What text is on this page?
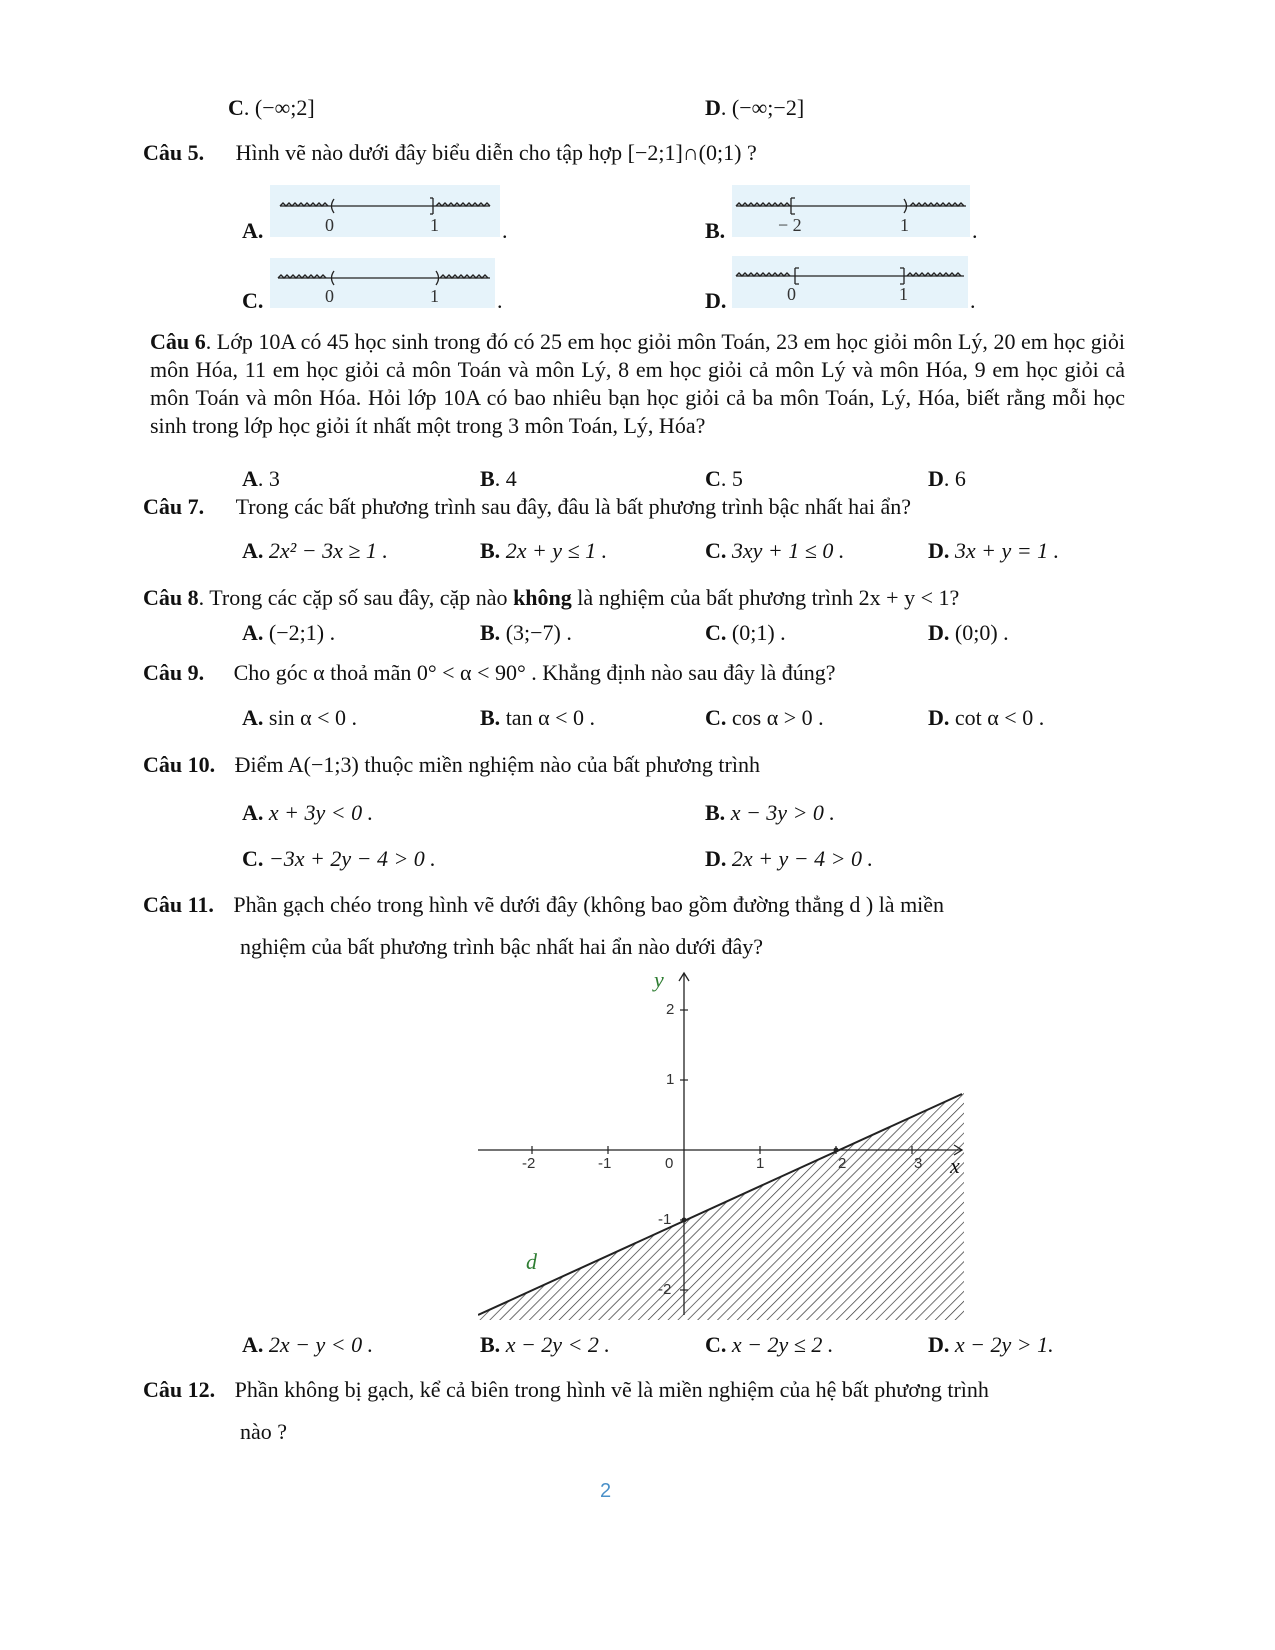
C. (−∞;2]	D. (−∞;−2]
Câu 5. Hình vẽ nào dưới đây biểu diễn cho tập hợp [−2;1]∩(0;1) ?
A.	0	1	.	B.	− 2	1	.
C.	0	1	.	D.	0	1	.
Câu 6. Lớp 10A có 45 học sinh trong đó có 25 em học giỏi môn Toán, 23 em học giỏi môn Lý, 20 em học giỏi môn Hóa, 11 em học giỏi cả môn Toán và môn Lý, 8 em học giỏi cả môn Lý và môn Hóa, 9 em học giỏi cả môn Toán và môn Hóa. Hỏi lớp 10A có bao nhiêu bạn học giỏi cả ba môn Toán, Lý, Hóa, biết rằng mỗi học sinh trong lớp học giỏi ít nhất một trong 3 môn Toán, Lý, Hóa?
A. 3	B. 4	C. 5	D. 6
Câu 7. Trong các bất phương trình sau đây, đâu là bất phương trình bậc nhất hai ẩn?
A. 2x² − 3x ≥ 1 .	B. 2x + y ≤ 1 .	C. 3xy + 1 ≤ 0 .	D. 3x + y = 1 .
Câu 8. Trong các cặp số sau đây, cặp nào không là nghiệm của bất phương trình 2x + y < 1?
A. (−2;1) .	B. (3;−7) .	C. (0;1) .	D. (0;0) .
Câu 9. Cho góc α thoả mãn 0° < α < 90° . Khẳng định nào sau đây là đúng?
A. sin α < 0 .	B. tan α < 0 .	C. cos α > 0 .	D. cot α < 0 .
Câu 10. Điểm A(−1;3) thuộc miền nghiệm nào của bất phương trình
A. x + 3y < 0 .	B. x − 3y > 0 .
C. −3x + 2y − 4 > 0 .	D. 2x + y − 4 > 0 .
Câu 11. Phần gạch chéo trong hình vẽ dưới đây (không bao gồm đường thẳng d ) là miền
nghiệm của bất phương trình bậc nhất hai ẩn nào dưới đây?
-2	-1	0	1	2	3
2
1
-1
-2
x
y
d
A. 2x − y < 0 .	B. x − 2y < 2 .	C. x − 2y ≤ 2 .	D. x − 2y > 1.
Câu 12. Phần không bị gạch, kể cả biên trong hình vẽ là miền nghiệm của hệ bất phương trình
nào ?
2
